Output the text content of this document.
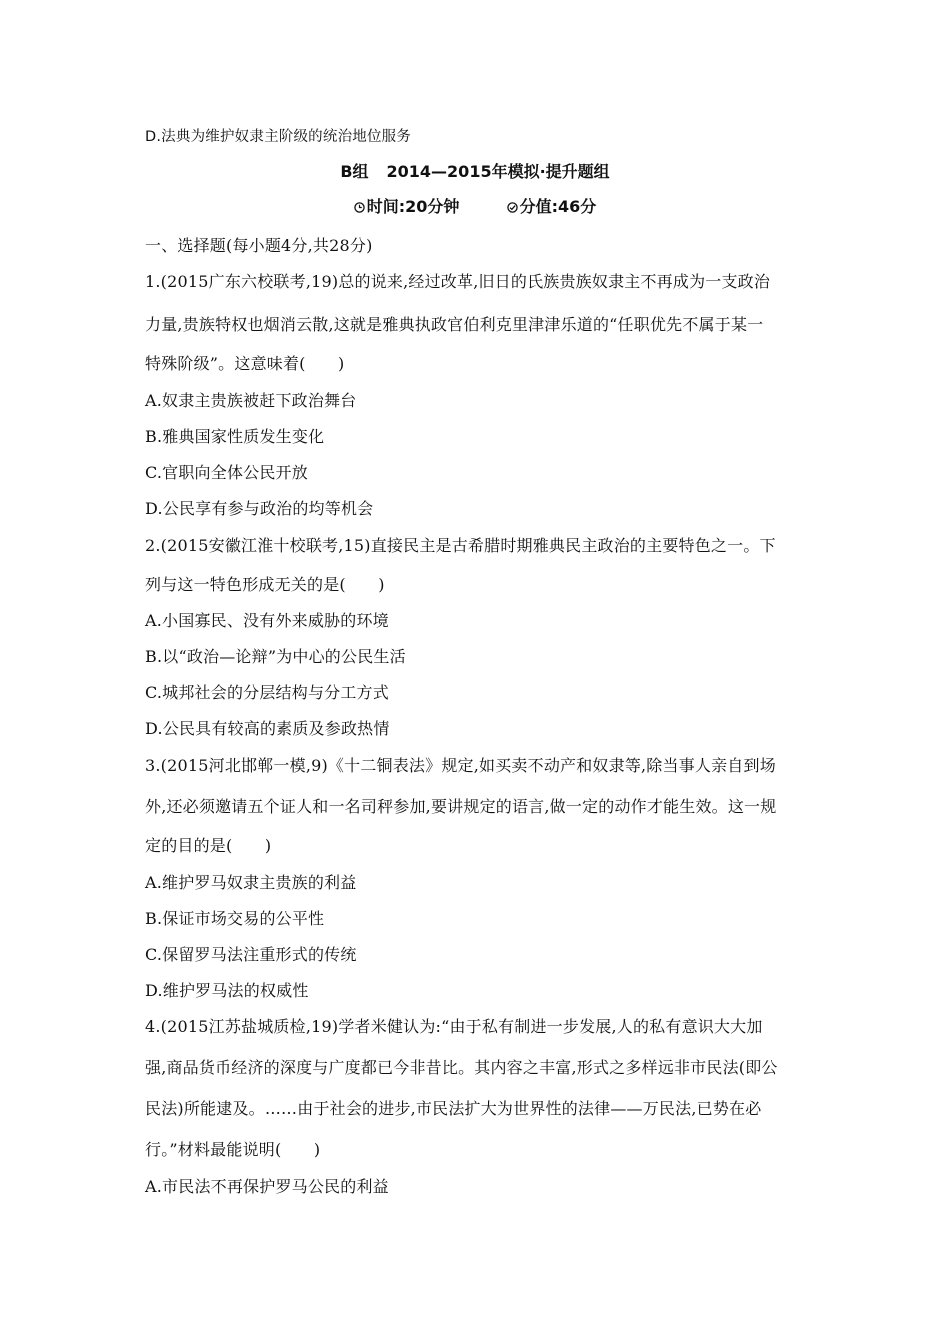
D.法典为维护奴隶主阶级的统治地位服务
B组 2014—2015年模拟·提升题组
时间:20分钟
	分值:46分
一、选择题(每小题4分,共28分)
1.(2015广东六校联考,19)总的说来,经过改革,旧日的氏族贵族奴隶主不再成为一支政治
力量,贵族特权也烟消云散,这就是雅典执政官伯利克里津津乐道的“任职优先不属于某一
特殊阶级”。这意味着(　　)
A.奴隶主贵族被赶下政治舞台
B.雅典国家性质发生变化
C.官职向全体公民开放
D.公民享有参与政治的均等机会
2.(2015安徽江淮十校联考,15)直接民主是古希腊时期雅典民主政治的主要特色之一。下
列与这一特色形成无关的是(　　)
A.小国寡民、没有外来威胁的环境
B.以“政治—论辩”为中心的公民生活
C.城邦社会的分层结构与分工方式
D.公民具有较高的素质及参政热情
3.(2015河北邯郸一模,9)《十二铜表法》规定,如买卖不动产和奴隶等,除当事人亲自到场
外,还必须邀请五个证人和一名司秤参加,要讲规定的语言,做一定的动作才能生效。这一规
定的目的是(　　)
A.维护罗马奴隶主贵族的利益
B.保证市场交易的公平性
C.保留罗马法注重形式的传统
D.维护罗马法的权威性
4.(2015江苏盐城质检,19)学者米健认为:“由于私有制进一步发展,人的私有意识大大加
强,商品货币经济的深度与广度都已今非昔比。其内容之丰富,形式之多样远非市民法(即公
民法)所能逮及。……由于社会的进步,市民法扩大为世界性的法律——万民法,已势在必
行。”材料最能说明(　　)
A.市民法不再保护罗马公民的利益
